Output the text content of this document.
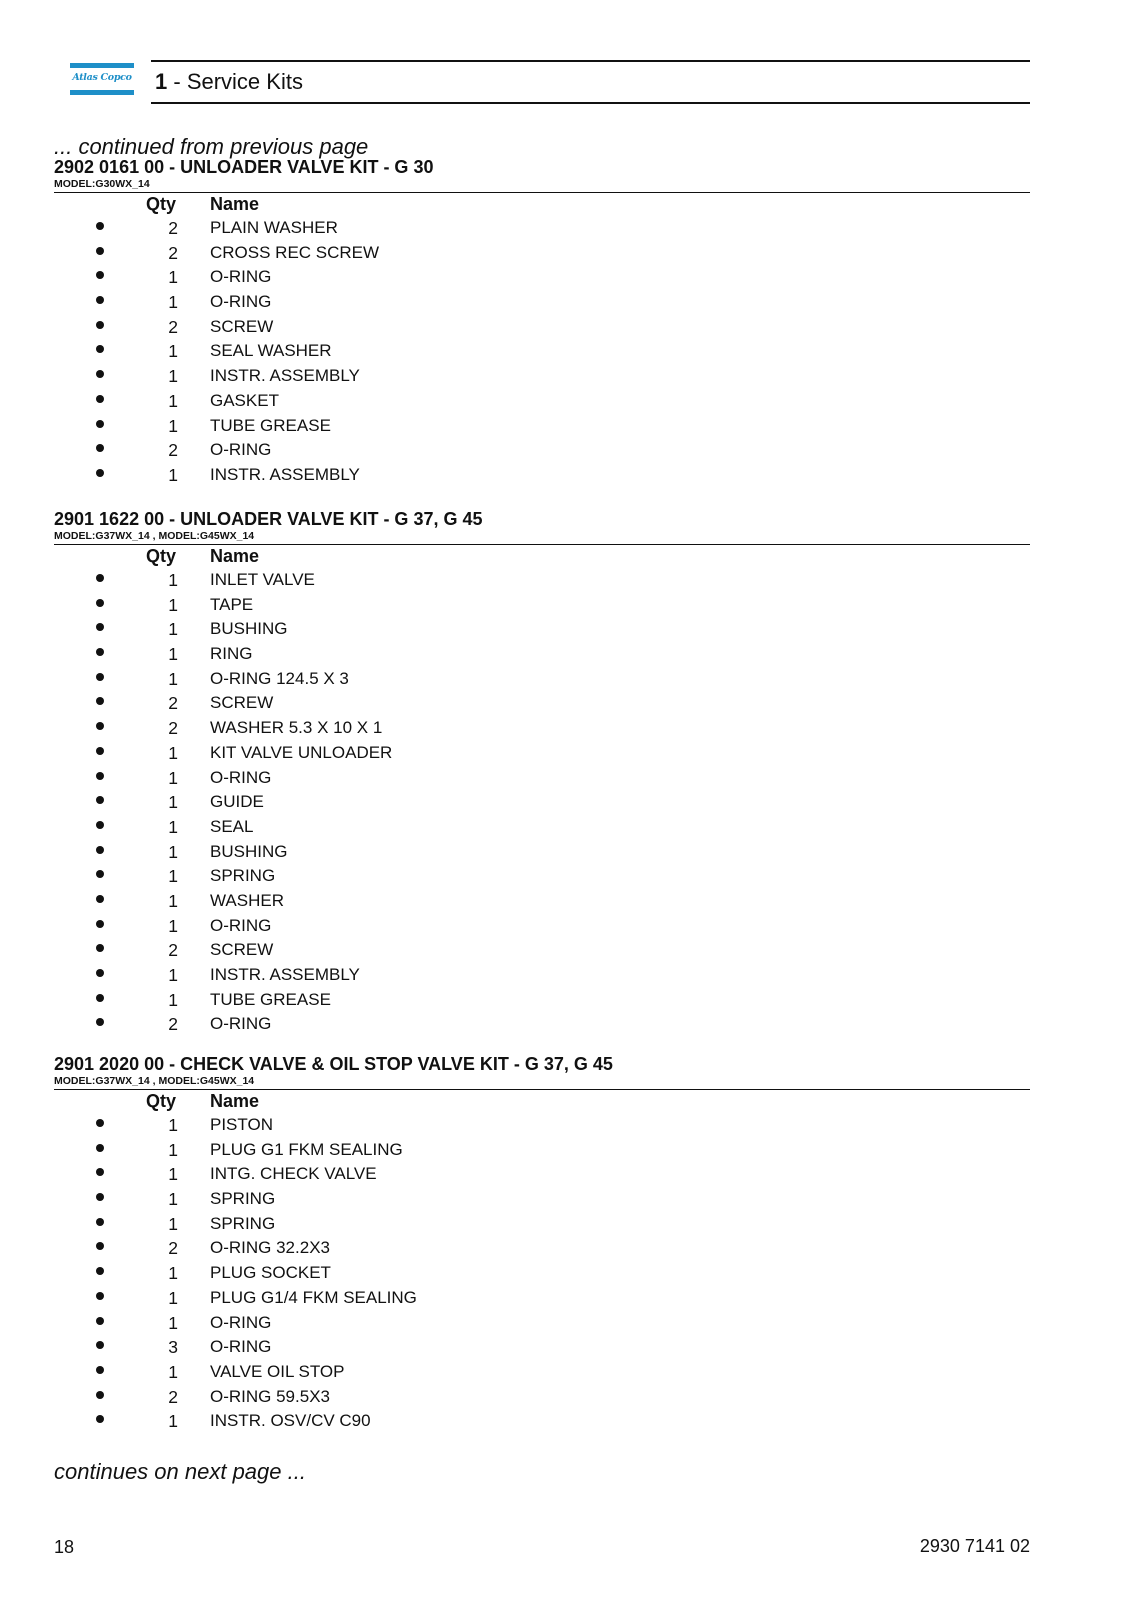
Atlas Copco 1 - Service Kits
... continued from previous page
2902 0161 00 - UNLOADER VALVE KIT - G 30
MODEL:G30WX_14
Qty Name
2 PLAIN WASHER
2 CROSS REC SCREW
1 O-RING
1 O-RING
2 SCREW
1 SEAL WASHER
1 INSTR. ASSEMBLY
1 GASKET
1 TUBE GREASE
2 O-RING
1 INSTR. ASSEMBLY
2901 1622 00 - UNLOADER VALVE KIT - G 37, G 45
MODEL:G37WX_14 , MODEL:G45WX_14
Qty Name
1 INLET VALVE
1 TAPE
1 BUSHING
1 RING
1 O-RING 124.5 X 3
2 SCREW
2 WASHER 5.3 X 10 X 1
1 KIT VALVE UNLOADER
1 O-RING
1 GUIDE
1 SEAL
1 BUSHING
1 SPRING
1 WASHER
1 O-RING
2 SCREW
1 INSTR. ASSEMBLY
1 TUBE GREASE
2 O-RING
2901 2020 00 - CHECK VALVE & OIL STOP VALVE KIT - G 37, G 45
MODEL:G37WX_14 , MODEL:G45WX_14
Qty Name
1 PISTON
1 PLUG G1 FKM SEALING
1 INTG. CHECK VALVE
1 SPRING
1 SPRING
2 O-RING 32.2X3
1 PLUG SOCKET
1 PLUG G1/4 FKM SEALING
1 O-RING
3 O-RING
1 VALVE OIL STOP
2 O-RING 59.5X3
1 INSTR. OSV/CV C90
continues on next page ...
18	2930 7141 02
